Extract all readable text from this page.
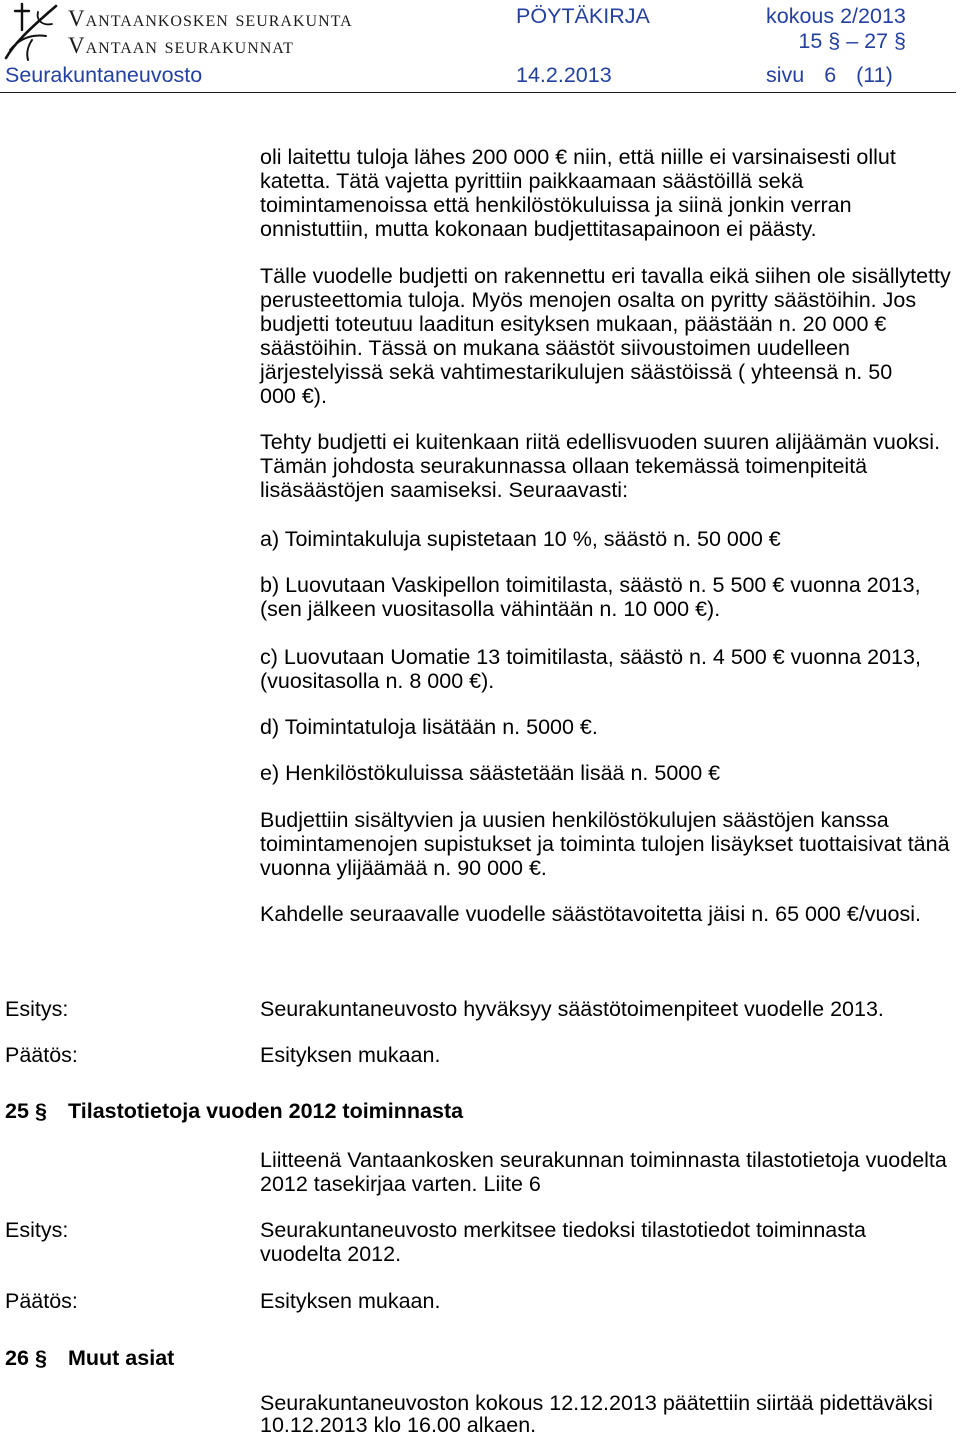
Vantaankosken seurakunta
Vantaan seurakunnat
PÖYTÄKIRJA	kokous 2/2013
15 § – 27 §
Seurakuntaneuvosto	14.2.2013	sivu 6 (11)
oli laitettu tuloja lähes 200 000 € niin, että niille ei varsinaisesti ollut
katetta. Tätä vajetta pyrittiin paikkaamaan säästöillä sekä
toimintamenoissa että henkilöstökuluissa ja siinä jonkin verran
onnistuttiin, mutta kokonaan budjettitasapainoon ei päästy.
Tälle vuodelle budjetti on rakennettu eri tavalla eikä siihen ole sisällytetty
perusteettomia tuloja. Myös menojen osalta on pyritty säästöihin. Jos
budjetti toteutuu laaditun esityksen mukaan, päästään n. 20 000 €
säästöihin. Tässä on mukana säästöt siivoustoimen uudelleen
järjestelyissä sekä vahtimestarikulujen säästöissä ( yhteensä n. 50
000 €).
Tehty budjetti ei kuitenkaan riitä edellisvuoden suuren alijäämän vuoksi.
Tämän johdosta seurakunnassa ollaan tekemässä toimenpiteitä
lisäsäästöjen saamiseksi. Seuraavasti:
a) Toimintakuluja supistetaan 10 %, säästö n. 50 000 €
b) Luovutaan Vaskipellon toimitilasta, säästö n. 5 500 € vuonna 2013,
(sen jälkeen vuositasolla vähintään n. 10 000 €).
c) Luovutaan Uomatie 13 toimitilasta, säästö n. 4 500 € vuonna 2013,
(vuositasolla n. 8 000 €).
d) Toimintatuloja lisätään n. 5000 €.
e) Henkilöstökuluissa säästetään lisää n. 5000 €
Budjettiin sisältyvien ja uusien henkilöstökulujen säästöjen kanssa
toimintamenojen supistukset ja toiminta tulojen lisäykset tuottaisivat tänä
vuonna ylijäämää n. 90 000 €.
Kahdelle seuraavalle vuodelle säästötavoitetta jäisi n. 65 000 €/vuosi.
Esitys:	Seurakuntaneuvosto hyväksyy säästötoimenpiteet vuodelle 2013.
Päätös:	Esityksen mukaan.
25 § Tilastotietoja vuoden 2012 toiminnasta
Liitteenä Vantaankosken seurakunnan toiminnasta tilastotietoja vuodelta
2012 tasekirjaa varten. Liite 6
Esitys:	Seurakuntaneuvosto merkitsee tiedoksi tilastotiedot toiminnasta
vuodelta 2012.
Päätös:	Esityksen mukaan.
26 § Muut asiat
Seurakuntaneuvoston kokous 12.12.2013 päätettiin siirtää pidettäväksi
10.12.2013 klo 16.00 alkaen.
